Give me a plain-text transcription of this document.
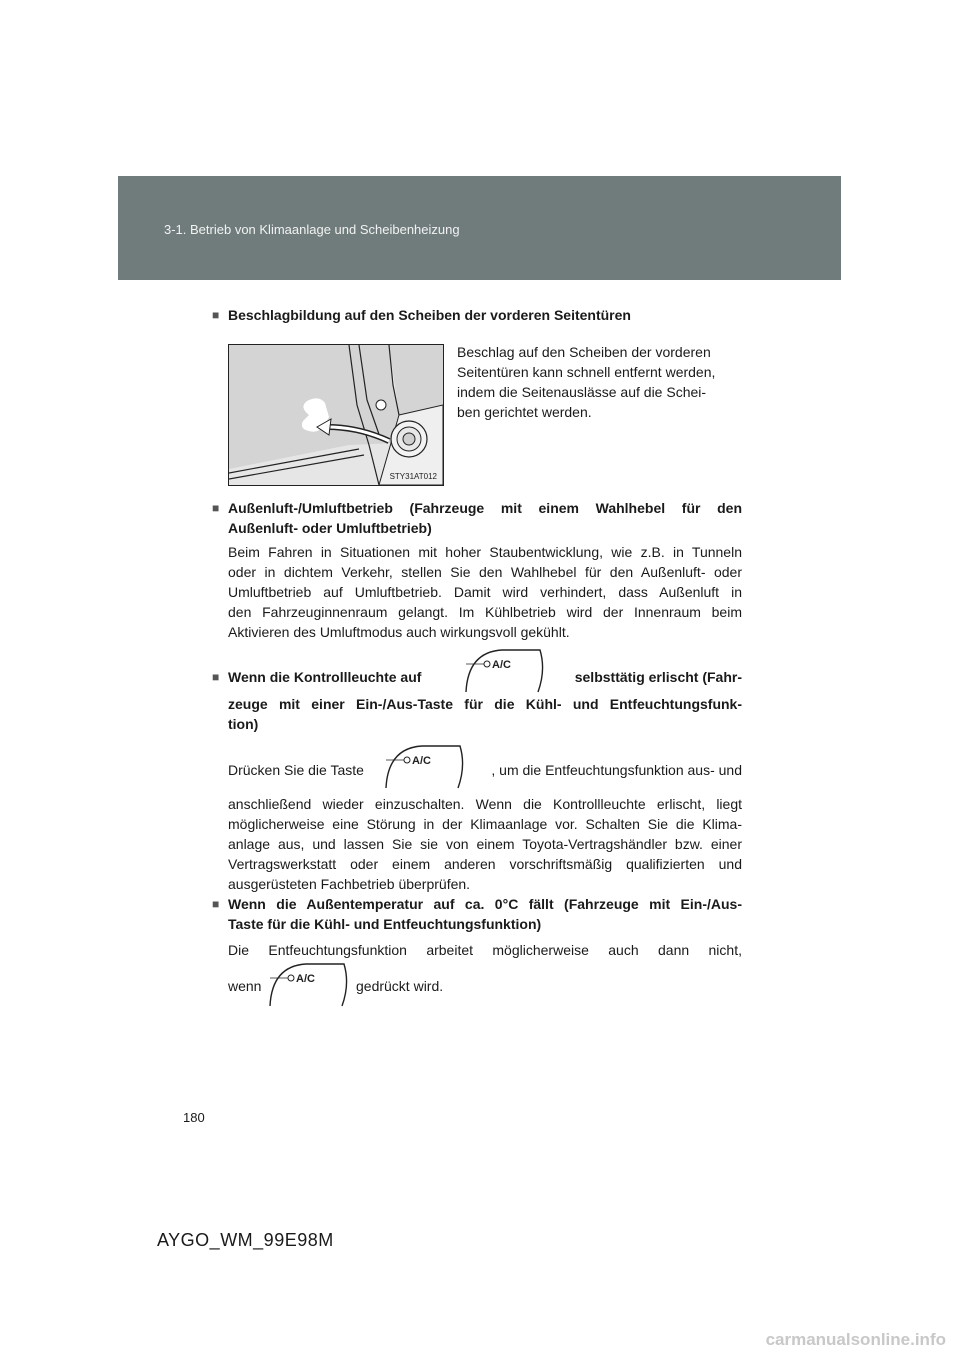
3-1. Betrieb von Klimaanlage und Scheibenheizung
■ Beschlagbildung auf den Scheiben der vorderen Seitentüren
STY31AT012
Beschlag auf den Scheiben der vorderen
Seitentüren kann schnell entfernt werden,
indem die Seitenauslässe auf die Schei-
ben gerichtet werden.
■ Außenluft-/Umluftbetrieb (Fahrzeuge mit einem Wahlhebel für den
Außenluft- oder Umluftbetrieb)
Beim Fahren in Situationen mit hoher Staubentwicklung, wie z.B. in Tunneln
oder in dichtem Verkehr, stellen Sie den Wahlhebel für den Außenluft- oder
Umluftbetrieb auf Umluftbetrieb. Damit wird verhindert, dass Außenluft in
den Fahrzeuginnenraum gelangt. Im Kühlbetrieb wird der Innenraum beim
Aktivieren des Umluftmodus auch wirkungsvoll gekühlt.
■ Wenn die Kontrollleuchte auf	selbsttätig erlischt (Fahr-
A/C
zeuge mit einer Ein-/Aus-Taste für die Kühl- und Entfeuchtungsfunk-
tion)
Drücken Sie die Taste	, um die Entfeuchtungsfunktion aus- und
A/C
anschließend wieder einzuschalten. Wenn die Kontrollleuchte erlischt, liegt
möglicherweise eine Störung in der Klimaanlage vor. Schalten Sie die Klima-
anlage aus, und lassen Sie sie von einem Toyota-Vertragshändler bzw. einer
Vertragswerkstatt oder einem anderen vorschriftsmäßig qualifizierten und
ausgerüsteten Fachbetrieb überprüfen.
■ Wenn die Außentemperatur auf ca. 0°C fällt (Fahrzeuge mit Ein-/Aus-
Taste für die Kühl- und Entfeuchtungsfunktion)
Die Entfeuchtungsfunktion arbeitet möglicherweise auch dann nicht,
wenn	A/C	gedrückt wird.
180
AYGO_WM_99E98M
carmanualsonline.info
